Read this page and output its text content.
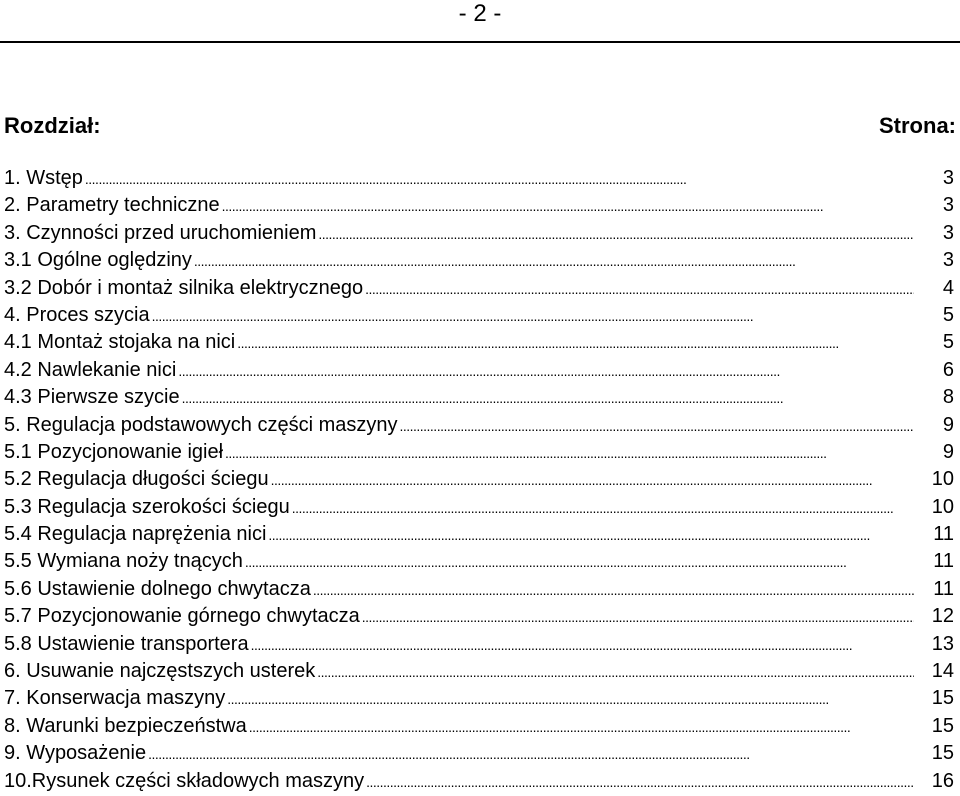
- 2 -
Rozdział:	Strona:
1. Wstęp . . .	3
2. Parametry techniczne . . .	3
3. Czynności przed uruchomieniem . . .	3
3.1 Ogólne oględziny . . .	3
3.2 Dobór i montaż silnika elektrycznego . . .	4
4. Proces szycia . . .	5
4.1 Montaż stojaka na nici . . .	5
4.2 Nawlekanie nici . . .	6
4.3 Pierwsze szycie . . .	8
5. Regulacja podstawowych części maszyny . . .	9
5.1 Pozycjonowanie igieł . . .	9
5.2 Regulacja długości ściegu . . .	10
5.3 Regulacja szerokości ściegu . . .	10
5.4 Regulacja naprężenia nici . . .	11
5.5 Wymiana noży tnących . . .	11
5.6 Ustawienie dolnego chwytacza . . .	11
5.7 Pozycjonowanie górnego chwytacza . . .	12
5.8 Ustawienie transportera . . .	13
6. Usuwanie najczęstszych usterek . . .	14
7. Konserwacja maszyny . . .	15
8. Warunki bezpieczeństwa . . .	15
9. Wyposażenie . . .	15
10.Rysunek części składowych maszyny . . .	16
